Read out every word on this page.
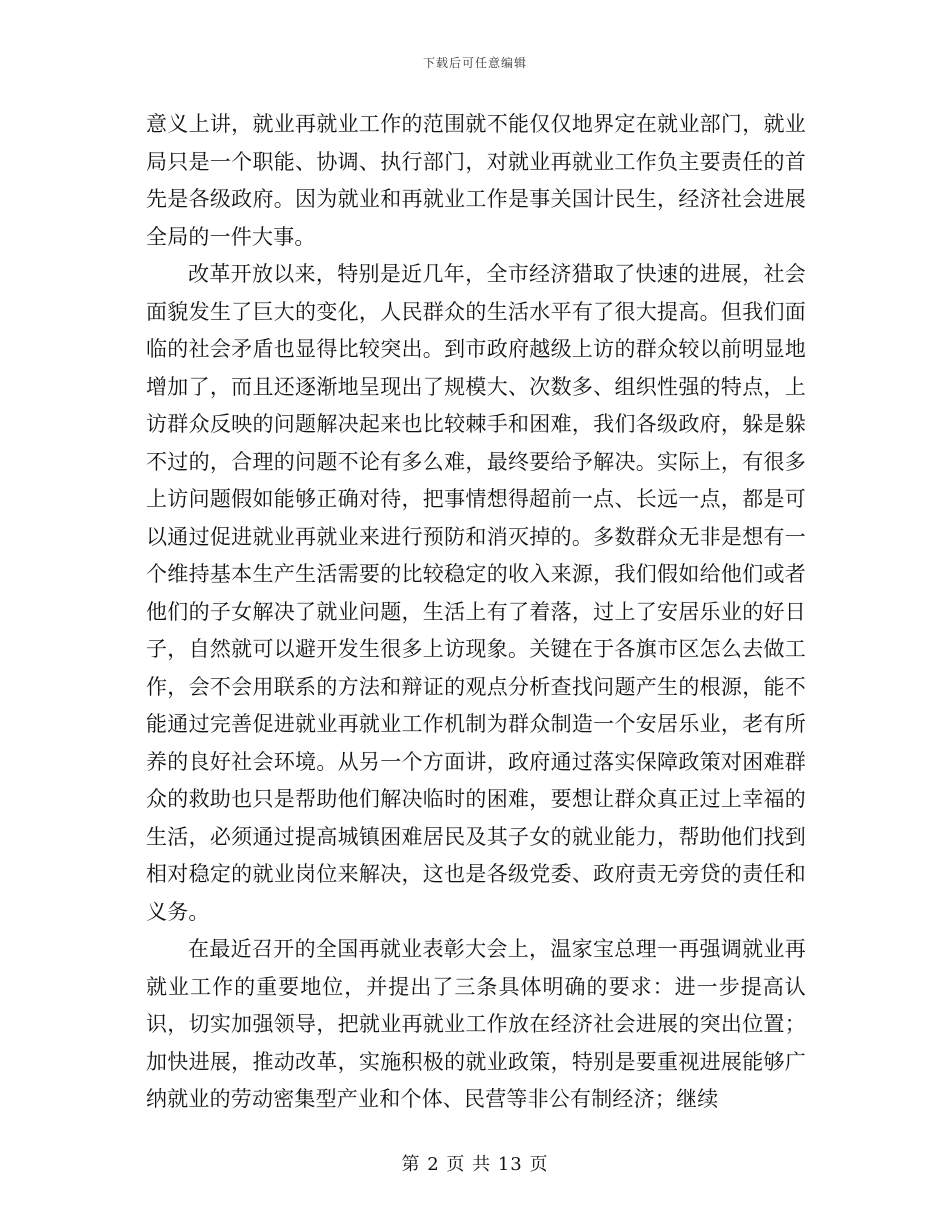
下载后可任意编辑

意义上讲，就业再就业工作的范围就不能仅仅地界定在就业部门，就业局只是一个职能、协调、执行部门，对就业再就业工作负主要责任的首先是各级政府。因为就业和再就业工作是事关国计民生，经济社会进展全局的一件大事。

改革开放以来，特别是近几年，全市经济猎取了快速的进展，社会面貌发生了巨大的变化，人民群众的生活水平有了很大提高。但我们面临的社会矛盾也显得比较突出。到市政府越级上访的群众较以前明显地增加了，而且还逐渐地呈现出了规模大、次数多、组织性强的特点，上访群众反映的问题解决起来也比较棘手和困难，我们各级政府，躲是躲不过的，合理的问题不论有多么难，最终要给予解决。实际上，有很多上访问题假如能够正确对待，把事情想得超前一点、长远一点，都是可以通过促进就业再就业来进行预防和消灭掉的。多数群众无非是想有一个维持基本生产生活需要的比较稳定的收入来源，我们假如给他们或者他们的子女解决了就业问题，生活上有了着落，过上了安居乐业的好日子，自然就可以避开发生很多上访现象。关键在于各旗市区怎么去做工作，会不会用联系的方法和辩证的观点分析查找问题产生的根源，能不能通过完善促进就业再就业工作机制为群众制造一个安居乐业，老有所养的良好社会环境。从另一个方面讲，政府通过落实保障政策对困难群众的救助也只是帮助他们解决临时的困难，要想让群众真正过上幸福的生活，必须通过提高城镇困难居民及其子女的就业能力，帮助他们找到相对稳定的就业岗位来解决，这也是各级党委、政府责无旁贷的责任和义务。

在最近召开的全国再就业表彰大会上，温家宝总理一再强调就业再就业工作的重要地位，并提出了三条具体明确的要求：进一步提高认识，切实加强领导，把就业再就业工作放在经济社会进展的突出位置；加快进展，推动改革，实施积极的就业政策，特别是要重视进展能够广纳就业的劳动密集型产业和个体、民营等非公有制经济；继续

第 2 页 共 13 页
